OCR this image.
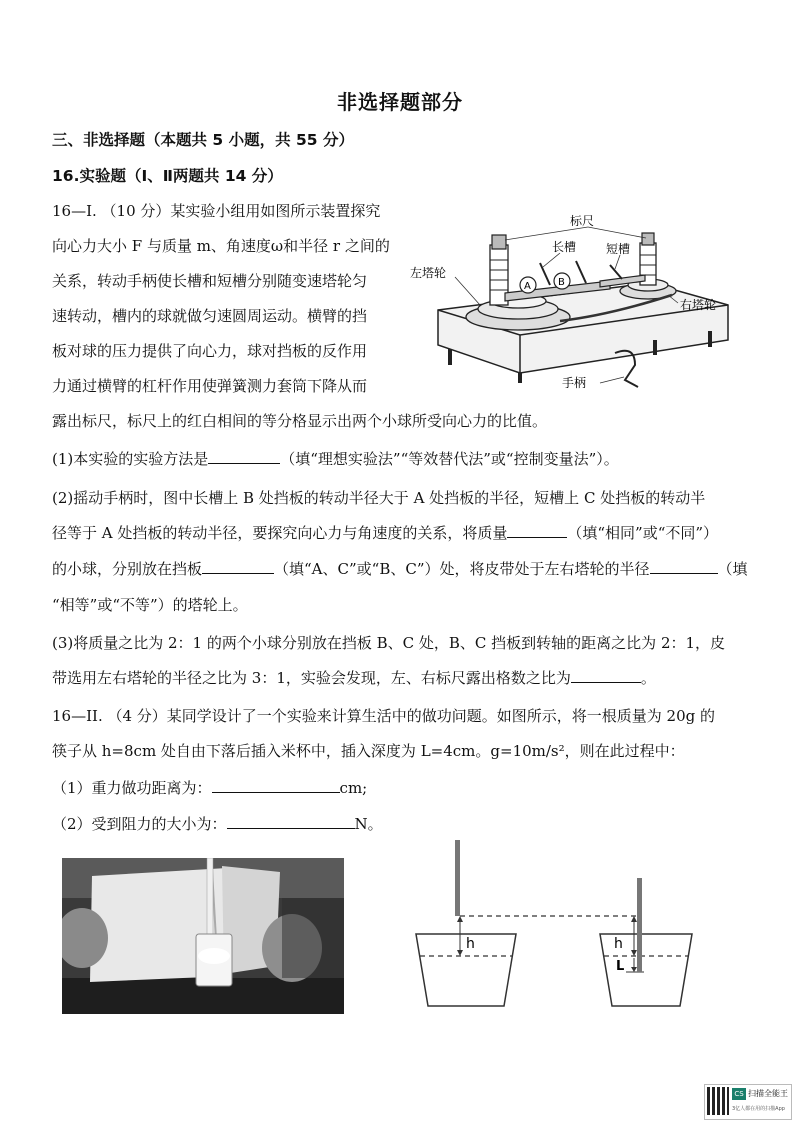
非选择题部分
三、非选择题（本题共 5 小题，共 55 分）
16.实验题（Ⅰ、Ⅱ两题共 14 分）
16—I. （10 分）某实验小组用如图所示装置探究
向心力大小 F 与质量 m、角速度ω和半径 r 之间的
关系，转动手柄使长槽和短槽分别随变速塔轮匀
速转动，槽内的球就做匀速圆周运动。横臂的挡
板对球的压力提供了向心力，球对挡板的反作用
力通过横臂的杠杆作用使弹簧测力套筒下降从而
露出标尺，标尺上的红白相间的等分格显示出两个小球所受向心力的比值。
标尺
长槽 短槽
左塔轮
右塔轮
手柄
A	B
(1)本实验的实验方法是	（填“理想实验法”“等效替代法”或“控制变量法”）。
(2)摇动手柄时，图中长槽上 B 处挡板的转动半径大于 A 处挡板的半径，短槽上 C 处挡板的转动半
径等于 A 处挡板的转动半径，要探究向心力与角速度的关系，将质量	（填“相同”或“不同”）
的小球，分别放在挡板	（填“A、C”或“B、C”）处，将皮带处于左右塔轮的半径	（填
“相等”或“不等”）的塔轮上。
(3)将质量之比为 2：1 的两个小球分别放在挡板 B、C 处，B、C 挡板到转轴的距离之比为 2：1，皮
带选用左右塔轮的半径之比为 3：1，实验会发现，左、右标尺露出格数之比为	。
16—II. （4 分）某同学设计了一个实验来计算生活中的做功问题。如图所示，将一根质量为 20g 的
筷子从 h=8cm 处自由下落后插入米杯中，插入深度为 L=4cm。g=10m/s²，则在此过程中：
（1）重力做功距离为：	cm;
（2）受到阻力的大小为：	N。
h	h
L
CS 扫描全能王
3亿人都在用的扫描App
